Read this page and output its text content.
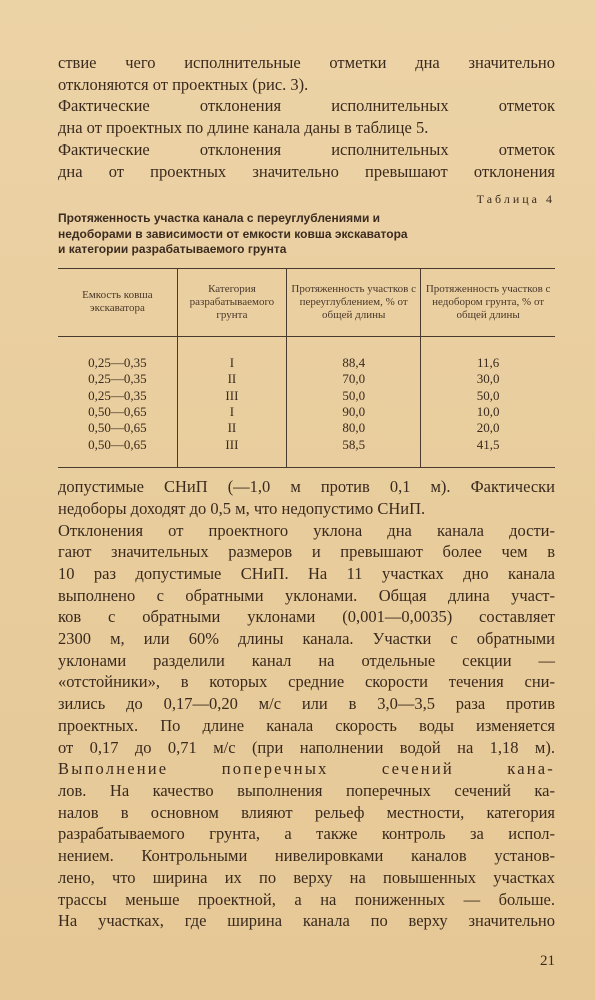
ствие чего исполнительные отметки дна значительно
отклоняются от проектных (рис. 3).

Фактические отклонения исполнительных отметок
дна от проектных по длине канала даны в таблице 5.

Фактические отклонения исполнительных отметок
дна от проектных значительно превышают отклонения

Таблица 4
Протяженность участка канала с переуглублениями и
недоборами в зависимости от емкости ковша экскаватора
и категории разрабатываемого грунта
Емкость ковша экскаватора	Категория разрабатываемого грунта	Протяженность участков с переуглублением, % от общей длины	Протяженность участков с недобором грунта, % от общей длины
0,25—0,35	I	88,4	11,6
0,25—0,35	II	70,0	30,0
0,25—0,35	III	50,0	50,0
0,50—0,65	I	90,0	10,0
0,50—0,65	II	80,0	20,0
0,50—0,65	III	58,5	41,5

допустимые СНиП (—1,0 м против 0,1 м). Фактически
недоборы доходят до 0,5 м, что недопустимо СНиП.

Отклонения от проектного уклона дна канала дости-
гают значительных размеров и превышают более чем в
10 раз допустимые СНиП. На 11 участках дно канала
выполнено с обратными уклонами. Общая длина участ-
ков с обратными уклонами (0,001—0,0035) составляет
2300 м, или 60% длины канала. Участки с обратными
уклонами разделили канал на отдельные секции —
«отстойники», в которых средние скорости течения сни-
зились до 0,17—0,20 м/с или в 3,0—3,5 раза против
проектных. По длине канала скорость воды изменяется
от 0,17 до 0,71 м/с (при наполнении водой на 1,18 м).

Выполнение поперечных сечений кана-
лов. На качество выполнения поперечных сечений ка-
налов в основном влияют рельеф местности, категория
разрабатываемого грунта, а также контроль за испол-
нением. Контрольными нивелировками каналов установ-
лено, что ширина их по верху на повышенных участках
трассы меньше проектной, а на пониженных — больше.
На участках, где ширина канала по верху значительно

21
